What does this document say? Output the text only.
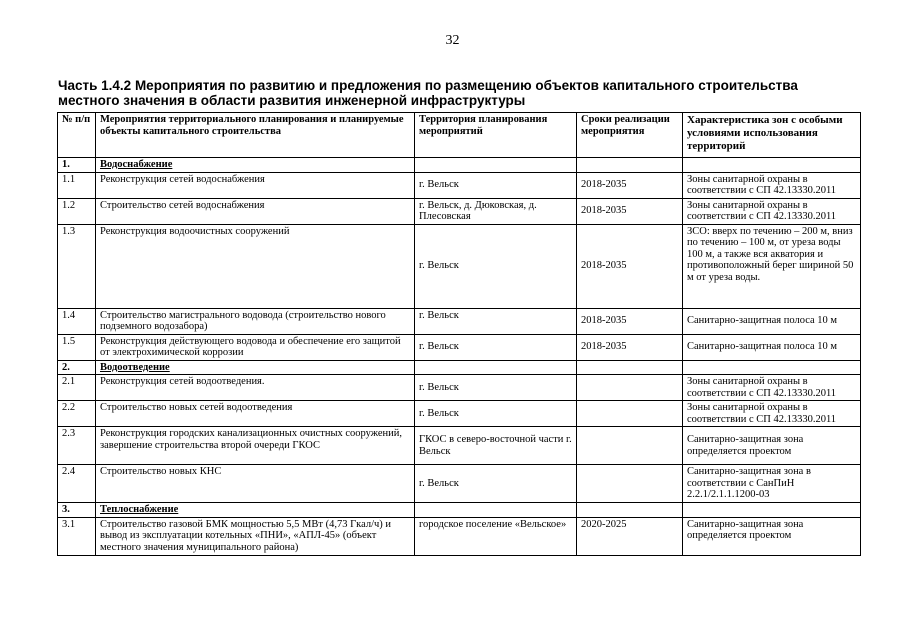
32
Часть 1.4.2 Мероприятия по развитию и предложения по размещению объектов капитального строительства местного значения в области развития инженерной инфраструктуры
№ п/п	Мероприятия территориального планирования и планируемые объекты капитального строительства	Территория планирования мероприятий	Сроки реализации мероприятия	Характеристика зон с особыми условиями использования территорий
1.	Водоснабжение			
1.1	Реконструкция сетей водоснабжения	г. Вельск	2018-2035	Зоны санитарной охраны в соответствии с СП 42.13330.2011
1.2	Строительство сетей водоснабжения	г. Вельск, д. Дюковская, д. Плесовская	2018-2035	Зоны санитарной охраны в соответствии с СП 42.13330.2011
1.3	Реконструкция водоочистных сооружений	г. Вельск	2018-2035	ЗСО: вверх по течению – 200 м, вниз по течению – 100 м, от уреза воды 100 м, а также вся акватория и противоположный берег шириной 50 м от уреза воды.
1.4	Строительство магистрального водовода (строительство нового подземного водозабора)	г. Вельск	2018-2035	Санитарно-защитная полоса 10 м
1.5	Реконструкция действующего водовода и обеспечение его защитой от электрохимической коррозии	г. Вельск	2018-2035	Санитарно-защитная полоса 10 м
2.	Водоотведение			
2.1	Реконструкция сетей водоотведения.	г. Вельск		Зоны санитарной охраны в соответствии с СП 42.13330.2011
2.2	Строительство новых сетей водоотведения	г. Вельск		Зоны санитарной охраны в соответствии с СП 42.13330.2011
2.3	Реконструкция городских канализационных очистных сооружений, завершение строительства второй очереди ГКОС	ГКОС в северо-восточной части г. Вельск		Санитарно-защитная зона определяется проектом
2.4	Строительство новых КНС	г. Вельск		Санитарно-защитная зона в соответствии с СанПиН 2.2.1/2.1.1.1200-03
3.	Теплоснабжение			
3.1	Строительство газовой БМК мощностью 5,5 МВт (4,73 Гкал/ч) и вывод из эксплуатации котельных «ПНИ», «АПЛ-45» (объект местного значения муниципального района)	городское поселение «Вельское»	2020-2025	Санитарно-защитная зона определяется проектом
